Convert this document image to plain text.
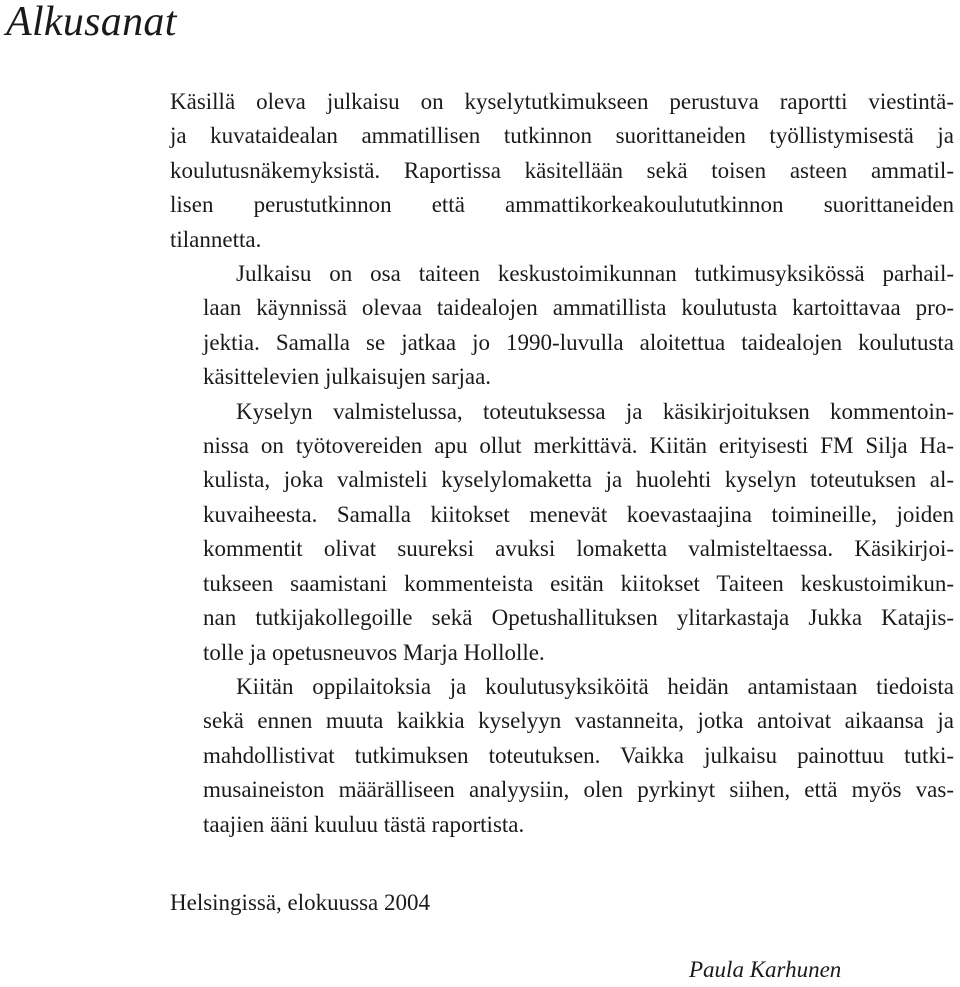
Alkusanat

Käsillä oleva julkaisu on kyselytutkimukseen perustuva raportti viestintä-
ja kuvataidealan ammatillisen tutkinnon suorittaneiden työllistymisestä ja
koulutusnäkemyksistä. Raportissa käsitellään sekä toisen asteen ammatil-
lisen perustutkinnon että ammattikorkeakoulututkinnon suorittaneiden
tilannetta.

Julkaisu on osa taiteen keskustoimikunnan tutkimusyksikössä parhail-
laan käynnissä olevaa taidealojen ammatillista koulutusta kartoittavaa pro-
jektia. Samalla se jatkaa jo 1990-luvulla aloitettua taidealojen koulutusta
käsittelevien julkaisujen sarjaa.

Kyselyn valmistelussa, toteutuksessa ja käsikirjoituksen kommentoin-
nissa on työtovereiden apu ollut merkittävä. Kiitän erityisesti FM Silja Ha-
kulista, joka valmisteli kyselylomaketta ja huolehti kyselyn toteutuksen al-
kuvaiheesta. Samalla kiitokset menevät koevastaajina toimineille, joiden
kommentit olivat suureksi avuksi lomaketta valmisteltaessa. Käsikirjoi-
tukseen saamistani kommenteista esitän kiitokset Taiteen keskustoimikun-
nan tutkijakollegoille sekä Opetushallituksen ylitarkastaja Jukka Katajis-
tolle ja opetusneuvos Marja Hollolle.

Kiitän oppilaitoksia ja koulutusyksiköitä heidän antamistaan tiedoista
sekä ennen muuta kaikkia kyselyyn vastanneita, jotka antoivat aikaansa ja
mahdollistivat tutkimuksen toteutuksen. Vaikka julkaisu painottuu tutki-
musaineiston määrälliseen analyysiin, olen pyrkinyt siihen, että myös vas-
taajien ääni kuuluu tästä raportista.

Helsingissä, elokuussa 2004

Paula Karhunen
